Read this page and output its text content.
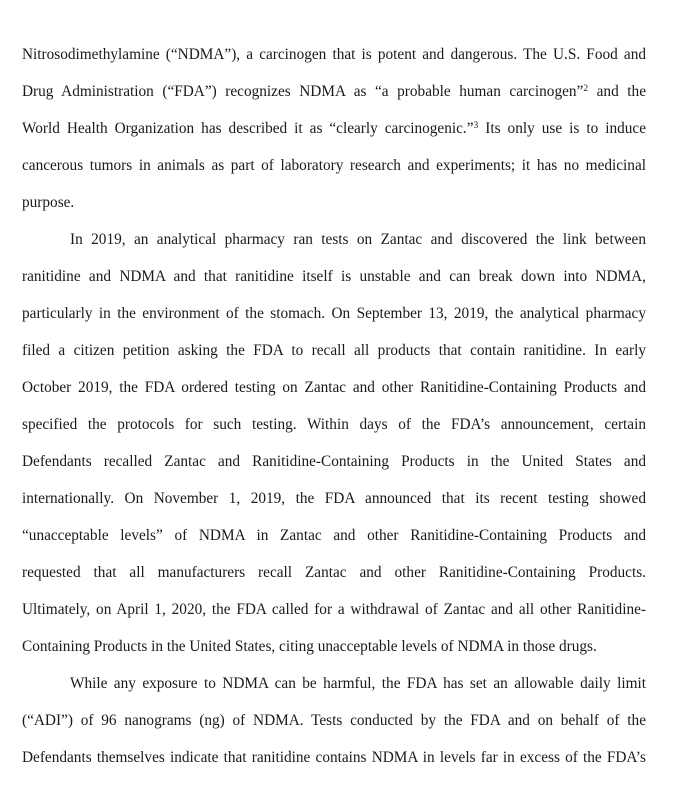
Nitrosodimethylamine (“NDMA”), a carcinogen that is potent and dangerous. The U.S. Food and
Drug Administration (“FDA”) recognizes NDMA as “a probable human carcinogen”$^2$ and the
World Health Organization has described it as “clearly carcinogenic.”$^3$ Its only use is to induce
cancerous tumors in animals as part of laboratory research and experiments; it has no medicinal
purpose.
In 2019, an analytical pharmacy ran tests on Zantac and discovered the link between
ranitidine and NDMA and that ranitidine itself is unstable and can break down into NDMA,
particularly in the environment of the stomach. On September 13, 2019, the analytical pharmacy
filed a citizen petition asking the FDA to recall all products that contain ranitidine. In early
October 2019, the FDA ordered testing on Zantac and other Ranitidine-Containing Products and
specified the protocols for such testing. Within days of the FDA’s announcement, certain
Defendants recalled Zantac and Ranitidine-Containing Products in the United States and
internationally. On November 1, 2019, the FDA announced that its recent testing showed
“unacceptable levels” of NDMA in Zantac and other Ranitidine-Containing Products and
requested that all manufacturers recall Zantac and other Ranitidine-Containing Products.
Ultimately, on April 1, 2020, the FDA called for a withdrawal of Zantac and all other Ranitidine-
Containing Products in the United States, citing unacceptable levels of NDMA in those drugs.
While any exposure to NDMA can be harmful, the FDA has set an allowable daily limit
(“ADI”) of 96 nanograms (ng) of NDMA. Tests conducted by the FDA and on behalf of the
Defendants themselves indicate that ranitidine contains NDMA in levels far in excess of the FDA’s
